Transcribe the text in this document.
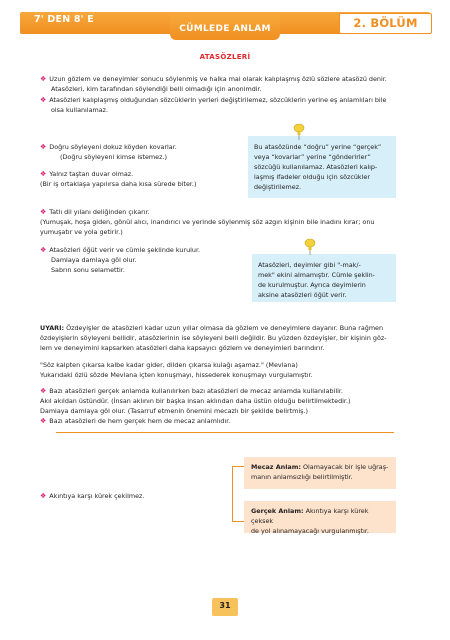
7' DEN 8' E
CÜMLEDE ANLAM	2. BÖLÜM
ATASÖZLERİ
❖ Uzun gözlem ve deneyimler sonucu söylenmiş ve halka mal olarak kalıplaşmış özlü sözlere atasözü denir.
Atasözleri, kim tarafından söylendiği belli olmadığı için anonimdir.
❖ Atasözleri kalıplaşmış olduğundan sözcüklerin yerleri değiştirilemez, sözcüklerin yerine eş anlamlıları bile
olsa kullanılamaz.
❖ Doğru söyleyeni dokuz köyden kovarlar.
(Doğru söyleyeni kimse istemez.)
❖ Yalnız taştan duvar olmaz.
(Bir iş ortaklaşa yapılırsa daha kısa sürede biter.)
Bu atasözünde “doğru” yerine “gerçek”
veya “kovarlar” yerine “gönderirler”
sözcüğü kullanılamaz. Atasözleri kalıp-
laşmış ifadeler olduğu için sözcükler
değiştirilemez.
❖ Tatlı dil yılanı deliğinden çıkarır.
(Yumuşak, hoşa giden, gönül alıcı, inandırıcı ve yerinde söylenmiş söz azgın kişinin bile inadını kırar; onu
yumuşatır ve yola getirir.)
❖ Atasözleri öğüt verir ve cümle şeklinde kurulur.
Damlaya damlaya göl olur.
Sabrın sonu selamettir.
Atasözleri, deyimler gibi "-mak/-
mek" ekini almamıştır. Cümle şeklin-
de kurulmuştur. Ayrıca deyimlerin
aksine atasözleri öğüt verir.
UYARI: Özdeyişler de atasözleri kadar uzun yıllar olmasa da gözlem ve deneyimlere dayanır. Buna rağmen
özdeyişlerin söyleyeni bellidir, atasözlerinin ise söyleyeni belli değildir. Bu yüzden özdeyişler, bir kişinin göz-
lem ve deneyimini kapsarken atasözleri daha kapsayıcı gözlem ve deneyimleri barındırır.
"Söz kalpten çıkarsa kalbe kadar gider, dilden çıkarsa kulağı aşamaz." (Mevlana)
Yukarıdaki özlü sözde Mevlana içten konuşmayı, hissederek konuşmayı vurgulamıştır.
❖ Bazı atasözleri gerçek anlamda kullanılırken bazı atasözleri de mecaz anlamda kullanılabilir.
Akıl akıldan üstündür. (İnsan aklının bir başka insan aklından daha üstün olduğu belirtilmektedir.)
Damlaya damlaya göl olur. (Tasarruf etmenin önemini mecazlı bir şekilde belirtmiş.)
❖ Bazı atasözleri de hem gerçek hem de mecaz anlamlıdır.
❖ Akıntıya karşı kürek çekilmez.
Mecaz Anlam: Olamayacak bir işle uğraş-
manın anlamsızlığı belirtilmiştir.
Gerçek Anlam: Akıntıya karşı kürek çeksek
de yol alınamayacağı vurgulanmıştır.
31
